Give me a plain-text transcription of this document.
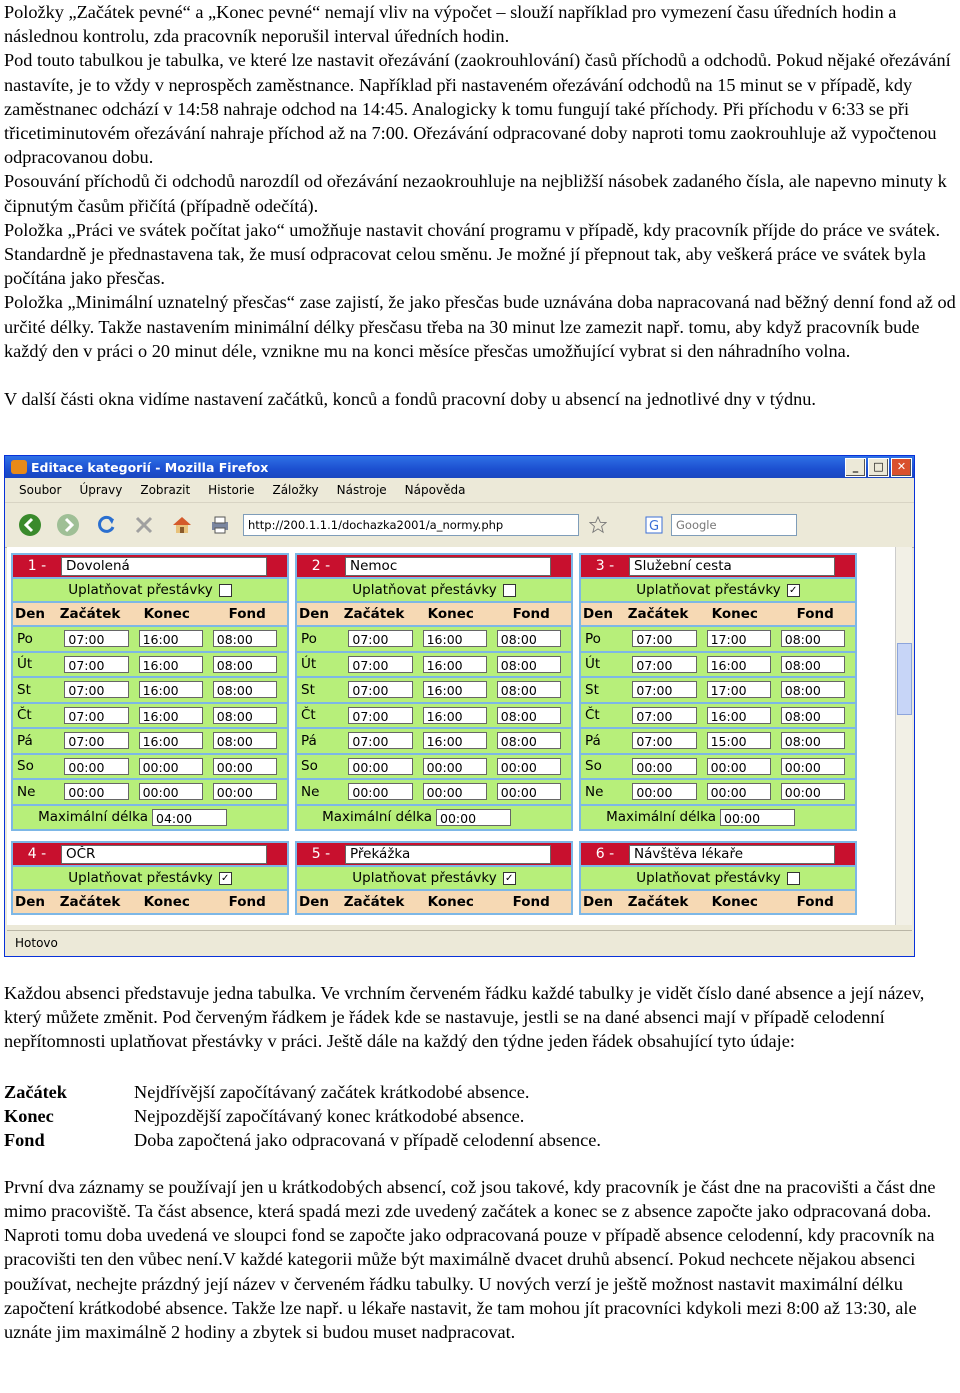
Položky „Začátek pevné“ a „Konec pevné“ nemají vliv na výpočet – slouží například pro vymezení času úředních hodin a následnou kontrolu, zda pracovník neporušil interval úředních hodin.

Pod touto tabulkou je tabulka, ve které lze nastavit ořezávání (zaokrouhlování) časů příchodů a odchodů. Pokud nějaké ořezávání nastavíte, je to vždy v neprospěch zaměstnance. Například při nastaveném ořezávání odchodů na 15 minut se v případě, kdy zaměstnanec odchází v 14:58 nahraje odchod na 14:45. Analogicky k tomu fungují také příchody. Při příchodu v 6:33 se při třicetiminutovém ořezávání nahraje příchod až na 7:00. Ořezávání odpracované doby naproti tomu zaokrouhluje až vypočtenou odpracovanou dobu.

Posouvání příchodů či odchodů narozdíl od ořezávání nezaokrouhluje na nejbližší násobek zadaného čísla, ale napevno minuty k čipnutým časům přičítá (případně odečítá).

Položka „Práci ve svátek počítat jako“ umožňuje nastavit chování programu v případě, kdy pracovník příjde do práce ve svátek. Standardně je přednastavena tak, že musí odpracovat celou směnu. Je možné jí přepnout tak, aby veškerá práce ve svátek byla počítána jako přesčas.

Položka „Minimální uznatelný přesčas“ zase zajistí, že jako přesčas bude uznávána doba napracovaná nad běžný denní fond až od určité délky. Takže nastavením minimální délky přesčasu třeba na 30 minut lze zamezit např. tomu, aby když pracovník bude každý den v práci o 20 minut déle, vznikne mu na konci měsíce přesčas umožňující vybrat si den náhradního volna.

V další části okna vidíme nastavení začátků, konců a fondů pracovní doby u absencí na jednotlivé dny v týdnu.

Editace kategorií - Mozilla Firefox	_	□	✕
Soubor Úpravy Zobrazit Historie Záložky Nástroje Nápověda
http://200.1.1.1/dochazka2001/a_normy.php	G	Google
1 -	Dovolená
Uplatňovat přestávky
Den	Začátek	Konec	Fond
Po	07:00	16:00	08:00
Út	07:00	16:00	08:00
St	07:00	16:00	08:00
Čt	07:00	16:00	08:00
Pá	07:00	16:00	08:00
So	00:00	00:00	00:00
Ne	00:00	00:00	00:00
Maximální délka 04:00
2 -	Nemoc
Uplatňovat přestávky
Den	Začátek	Konec	Fond
Po	07:00	16:00	08:00
Út	07:00	16:00	08:00
St	07:00	16:00	08:00
Čt	07:00	16:00	08:00
Pá	07:00	16:00	08:00
So	00:00	00:00	00:00
Ne	00:00	00:00	00:00
Maximální délka 00:00
3 -	Služební cesta
Uplatňovat přestávky ✓
Den	Začátek	Konec	Fond
Po	07:00	17:00	08:00
Út	07:00	16:00	08:00
St	07:00	17:00	08:00
Čt	07:00	16:00	08:00
Pá	07:00	15:00	08:00
So	00:00	00:00	00:00
Ne	00:00	00:00	00:00
Maximální délka 00:00
4 -	OČR
Uplatňovat přestávky ✓
Den	Začátek	Konec	Fond
5 -	Překážka
Uplatňovat přestávky ✓
Den	Začátek	Konec	Fond
6 -	Návštěva lékaře
Uplatňovat přestávky
Den	Začátek	Konec	Fond
Hotovo

Každou absenci představuje jedna tabulka. Ve vrchním červeném řádku každé tabulky je vidět číslo dané absence a její název, který můžete změnit. Pod červeným řádkem je řádek kde se nastavuje, jestli se na dané absenci mají v případě celodenní nepřítomnosti uplatňovat přestávky v práci. Ještě dále na každý den týdne jeden řádek obsahující tyto údaje:

Začátek	Nejdřívější započítávaný začátek krátkodobé absence.
Konec	Nejpozdější započítávaný konec krátkodobé absence.
Fond	Doba započtená jako odpracovaná v případě celodenní absence.

První dva záznamy se používají jen u krátkodobých absencí, což jsou takové, kdy pracovník je část dne na pracovišti a část dne mimo pracoviště. Ta část absence, která spadá mezi zde uvedený začátek a konec se z absence započte jako odpracovaná doba. Naproti tomu doba uvedená ve sloupci fond se započte jako odpracovaná pouze v případě absence celodenní, kdy pracovník na pracovišti ten den vůbec není.V každé kategorii může být maximálně dvacet druhů absencí. Pokud nechcete nějakou absenci používat, nechejte prázdný její název v červeném řádku tabulky. U nových verzí je ještě možnost nastavit maximální délku započtení krátkodobé absence. Takže lze např. u lékaře nastavit, že tam mohou jít pracovníci kdykoli mezi 8:00 až 13:30, ale uznáte jim maximálně 2 hodiny a zbytek si budou muset nadpracovat.
